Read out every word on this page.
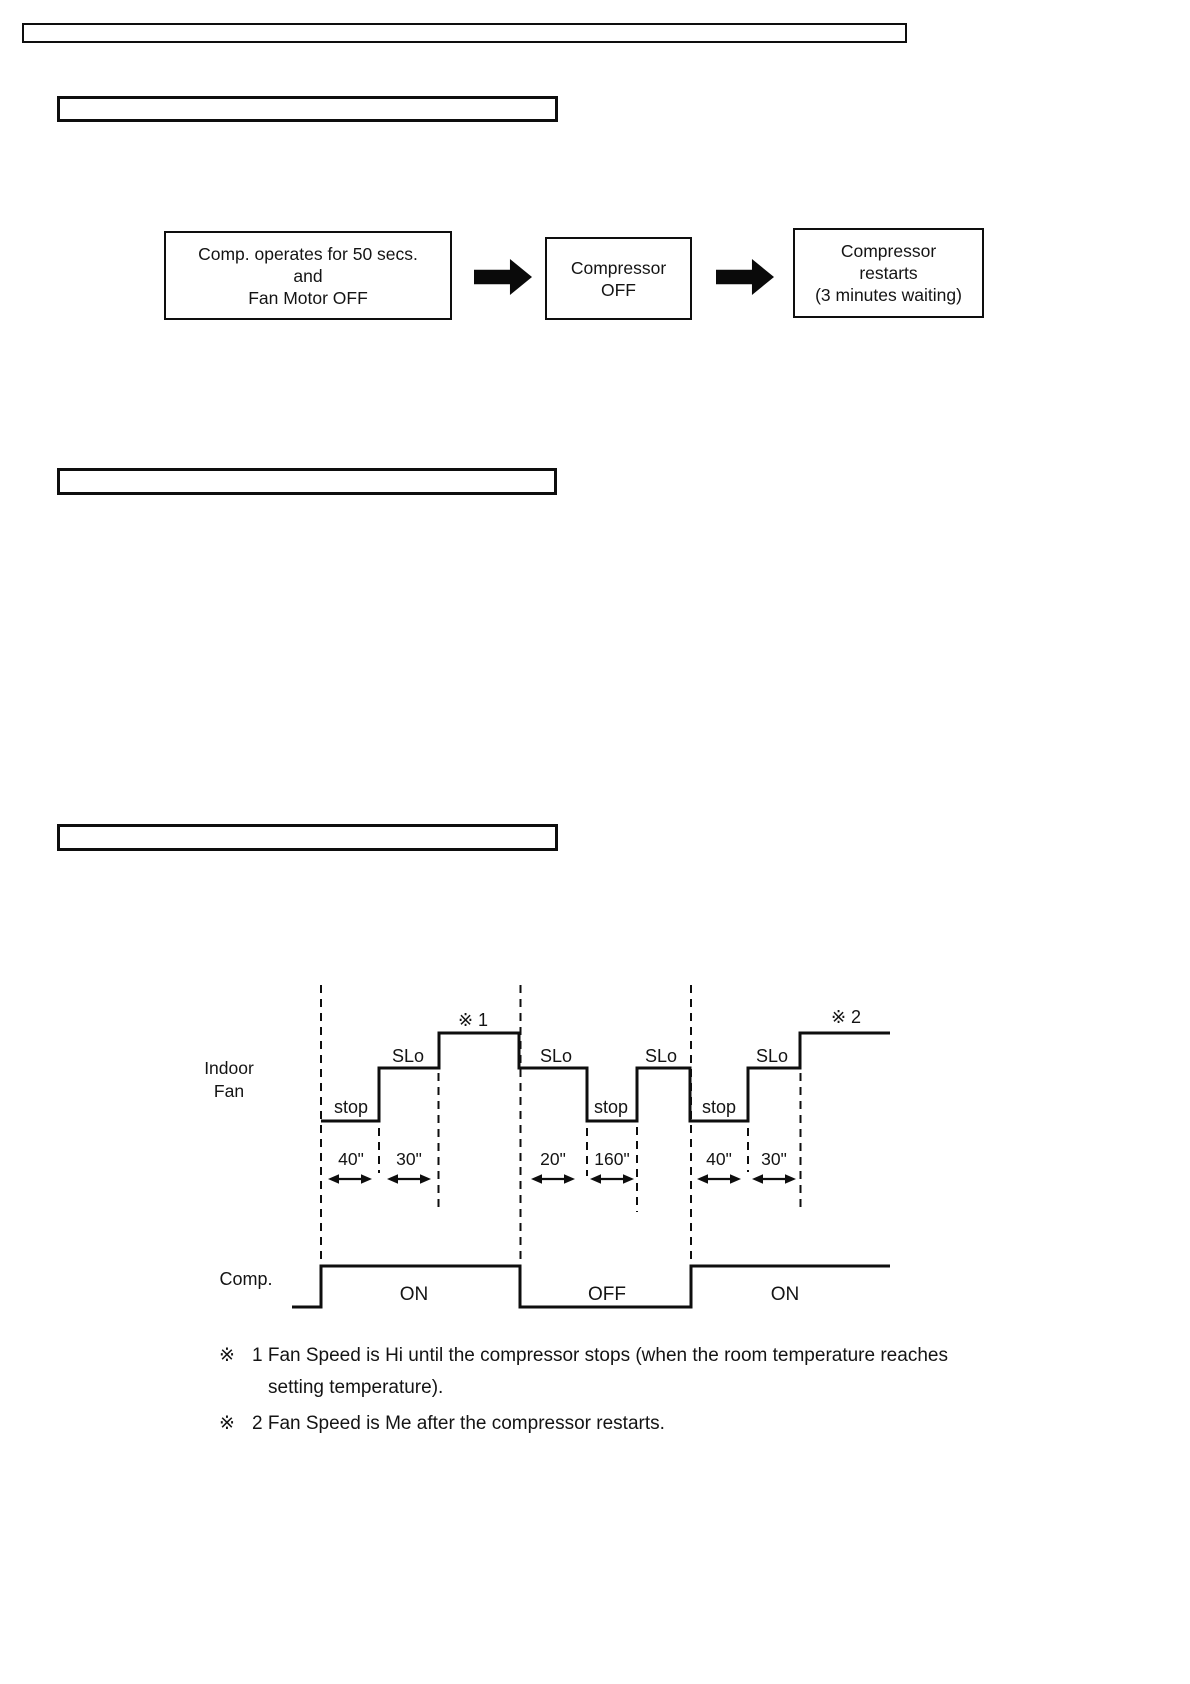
Comp. operates for 50 secs.
and
Fan Motor OFF
Compressor
OFF
Compressor
restarts
(3 minutes waiting)
Indoor
Fan
Comp.
stop
SLo	SLo
stop
SLo
stop
SLo
※ 1	※ 2
40" 30"	20" 160"	40" 30"
ON	OFF	ON
※ 1 Fan Speed is Hi until the compressor stops (when the room temperature reaches
setting temperature).
※ 2 Fan Speed is Me after the compressor restarts.
